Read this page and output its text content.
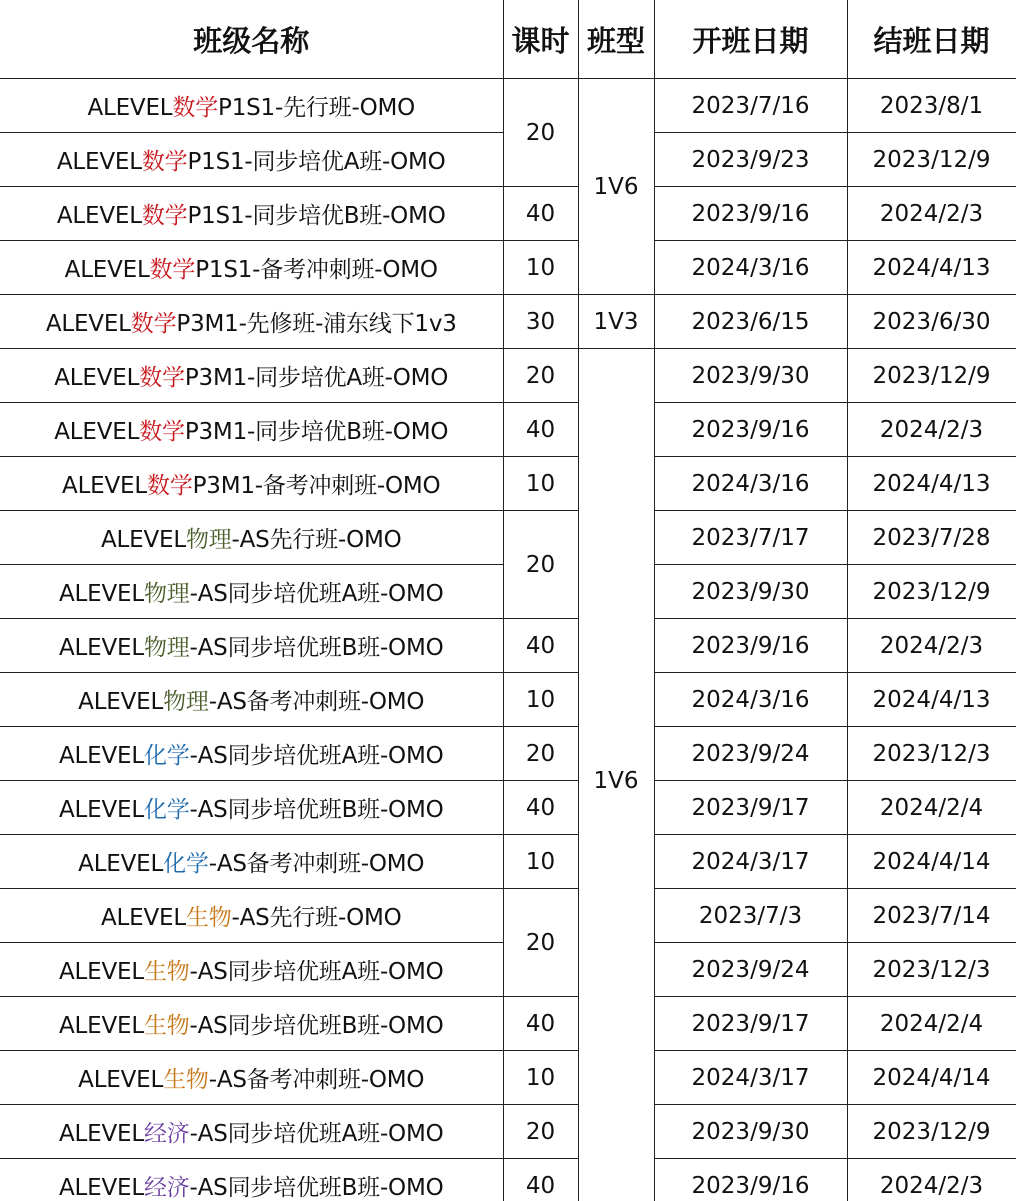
班级名称	课时	班型	开班日期	结班日期
ALEVEL数学P1S1-先行班-OMO	20	1V6	2023/7/16	2023/8/1
ALEVEL数学P1S1-同步培优A班-OMO			2023/9/23	2023/12/9
ALEVEL数学P1S1-同步培优B班-OMO	40		2023/9/16	2024/2/3
ALEVEL数学P1S1-备考冲刺班-OMO	10		2024/3/16	2024/4/13
ALEVEL数学P3M1-先修班-浦东线下1v3	30	1V3	2023/6/15	2023/6/30
ALEVEL数学P3M1-同步培优A班-OMO	20	1V6	2023/9/30	2023/12/9
ALEVEL数学P3M1-同步培优B班-OMO	40		2023/9/16	2024/2/3
ALEVEL数学P3M1-备考冲刺班-OMO	10		2024/3/16	2024/4/13
ALEVEL物理-AS先行班-OMO	20		2023/7/17	2023/7/28
ALEVEL物理-AS同步培优班A班-OMO			2023/9/30	2023/12/9
ALEVEL物理-AS同步培优班B班-OMO	40		2023/9/16	2024/2/3
ALEVEL物理-AS备考冲刺班-OMO	10		2024/3/16	2024/4/13
ALEVEL化学-AS同步培优班A班-OMO	20		2023/9/24	2023/12/3
ALEVEL化学-AS同步培优班B班-OMO	40		2023/9/17	2024/2/4
ALEVEL化学-AS备考冲刺班-OMO	10		2024/3/17	2024/4/14
ALEVEL生物-AS先行班-OMO	20		2023/7/3	2023/7/14
ALEVEL生物-AS同步培优班A班-OMO			2023/9/24	2023/12/3
ALEVEL生物-AS同步培优班B班-OMO	40		2023/9/17	2024/2/4
ALEVEL生物-AS备考冲刺班-OMO	10		2024/3/17	2024/4/14
ALEVEL经济-AS同步培优班A班-OMO	20		2023/9/30	2023/12/9
ALEVEL经济-AS同步培优班B班-OMO	40		2023/9/16	2024/2/3
